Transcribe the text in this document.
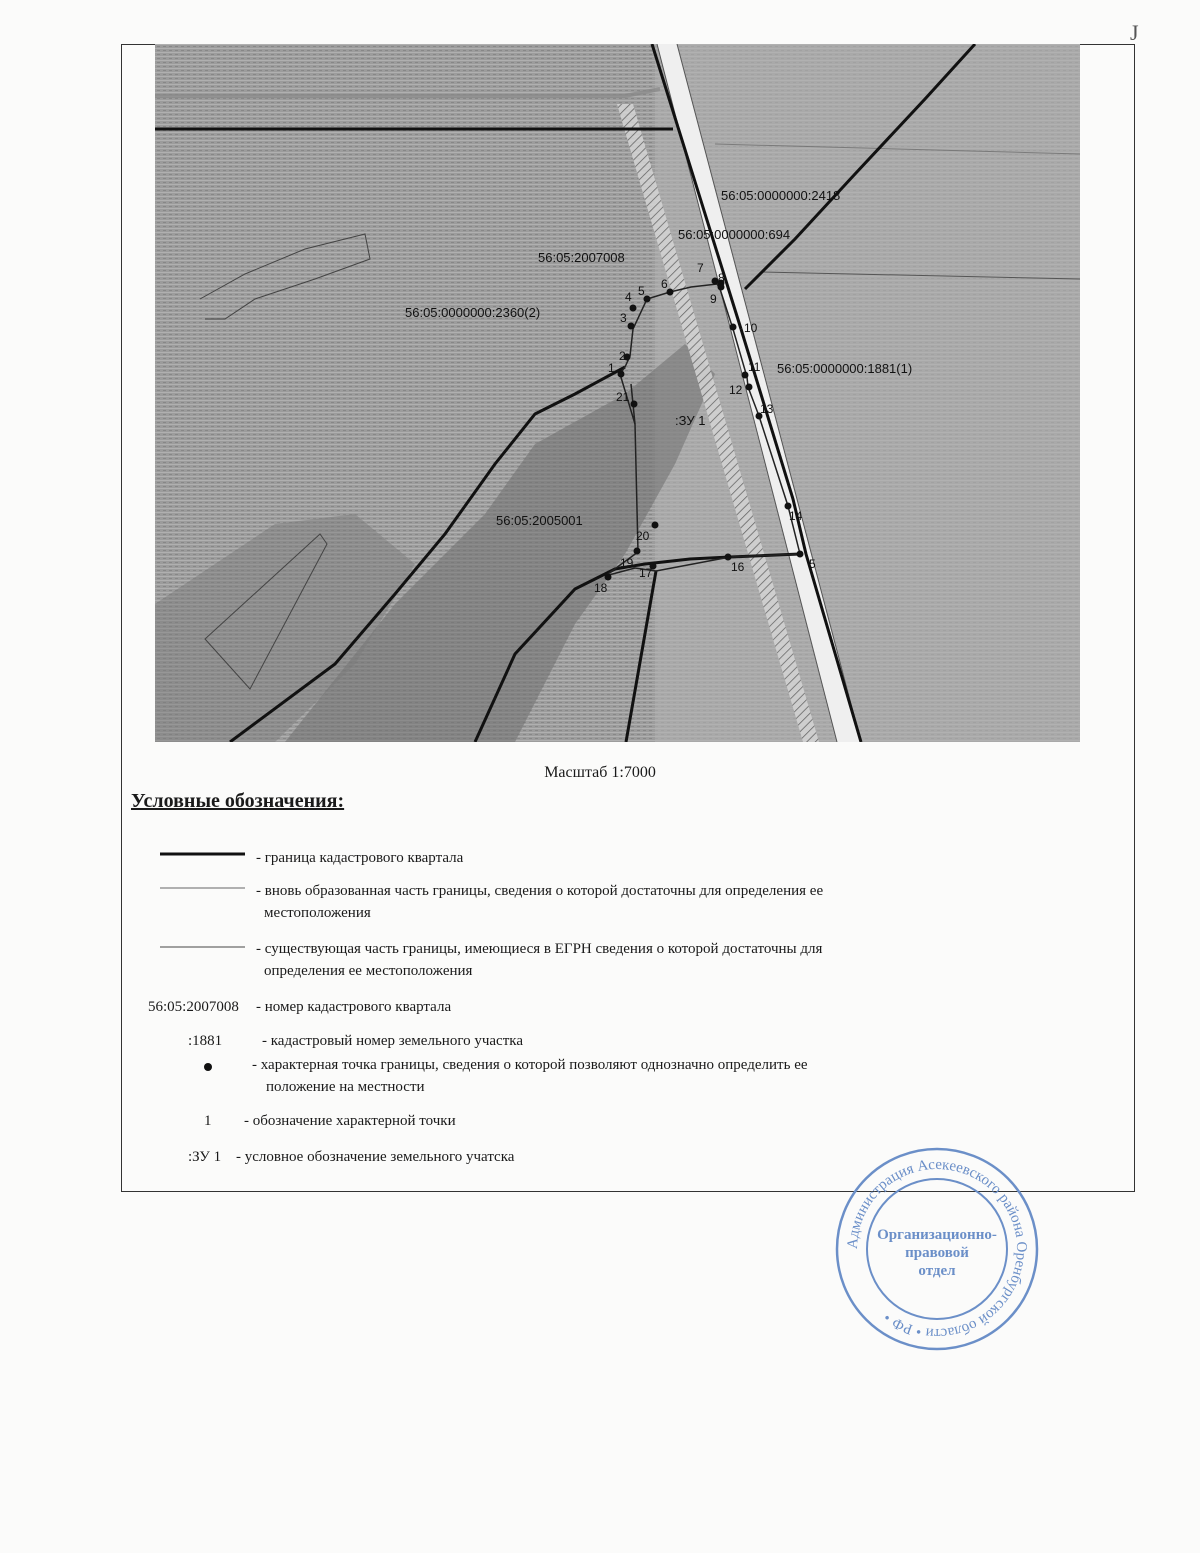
J
56:05:0000000:2418
56:05:0000000:694
56:05:2007008
56:05:0000000:2360(2)
56:05:0000000:1881(1)
:ЗУ 1
56:05:2005001
1
2
3
4 5 6
7
8
9
10
11
12
13
14
5
16
17
18
19
20
21
Масштаб 1:7000
Условные обозначения:
- граница кадастрового квартала
- вновь образованная часть границы, сведения о которой достаточны для определения ее
местоположения
- существующая часть границы, имеющиеся в ЕГРН сведения о которой достаточны для
определения ее местоположения
56:05:2007008 - номер кадастрового квартала
:1881	- кадастровый номер земельного участка
- характерная точка границы, сведения о которой позволяют однозначно определить ее
положение на местности
1 - обозначение характерной точки
:ЗУ 1 - условное обозначение земельного учатска
Администрация Асекеевского района Оренбургской области • РФ •
Организационно-
правовой
отдел
